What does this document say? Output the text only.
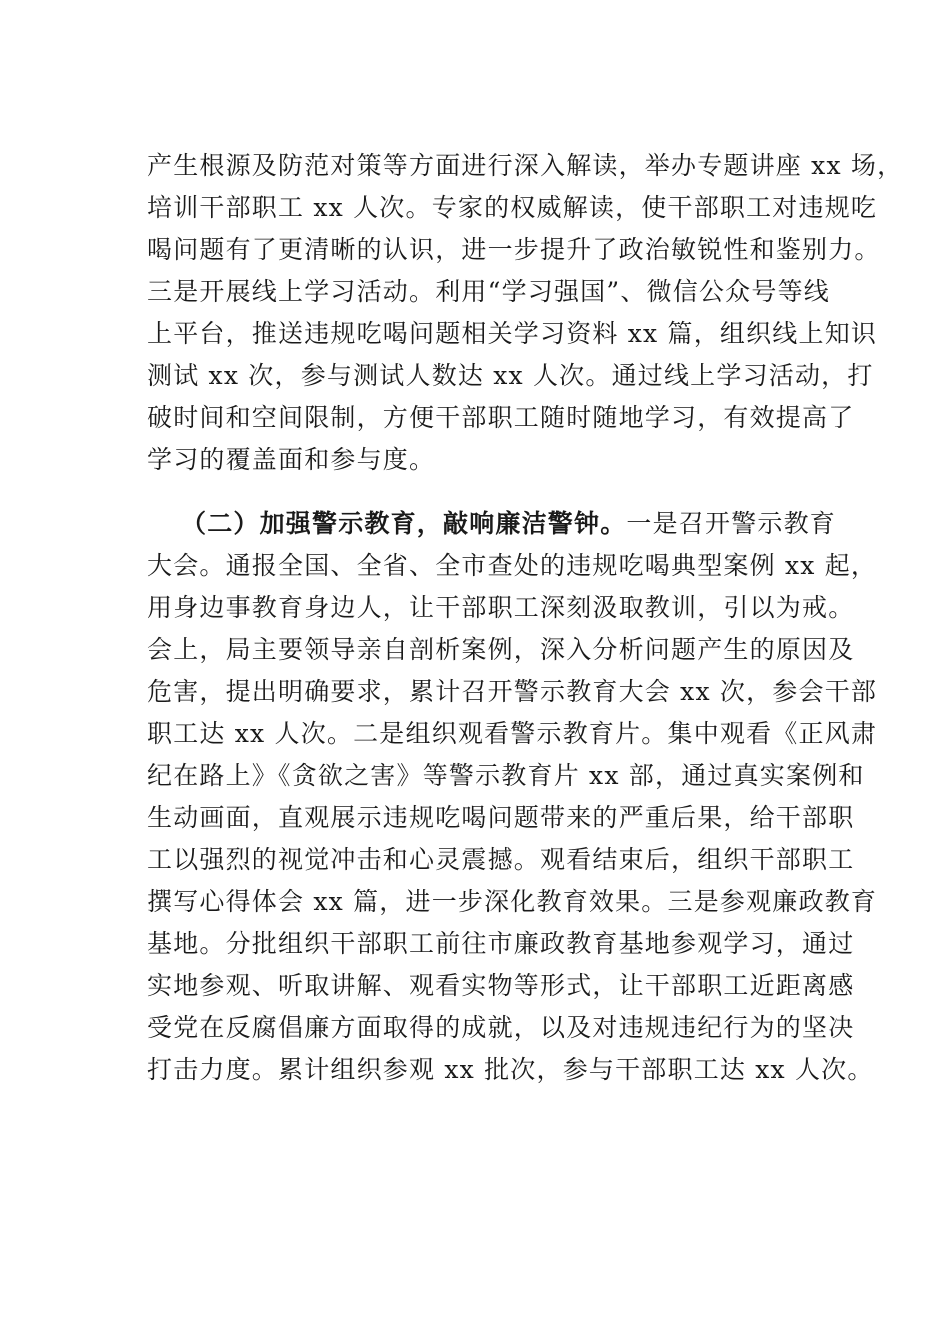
产生根源及防范对策等方面进行深入解读，举办专题讲座 xx 场，
培训干部职工 xx 人次。专家的权威解读，使干部职工对违规吃
喝问题有了更清晰的认识，进一步提升了政治敏锐性和鉴别力。
三是开展线上学习活动。利用“学习强国”、微信公众号等线
上平台，推送违规吃喝问题相关学习资料 xx 篇，组织线上知识
测试 xx 次，参与测试人数达 xx 人次。通过线上学习活动，打
破时间和空间限制，方便干部职工随时随地学习，有效提高了
学习的覆盖面和参与度。
（二）加强警示教育，敲响廉洁警钟。一是召开警示教育
大会。通报全国、全省、全市查处的违规吃喝典型案例 xx 起，
用身边事教育身边人，让干部职工深刻汲取教训，引以为戒。
会上，局主要领导亲自剖析案例，深入分析问题产生的原因及
危害，提出明确要求，累计召开警示教育大会 xx 次，参会干部
职工达 xx 人次。二是组织观看警示教育片。集中观看《正风肃
纪在路上》《贪欲之害》等警示教育片 xx 部，通过真实案例和
生动画面，直观展示违规吃喝问题带来的严重后果，给干部职
工以强烈的视觉冲击和心灵震撼。观看结束后，组织干部职工
撰写心得体会 xx 篇，进一步深化教育效果。三是参观廉政教育
基地。分批组织干部职工前往市廉政教育基地参观学习，通过
实地参观、听取讲解、观看实物等形式，让干部职工近距离感
受党在反腐倡廉方面取得的成就，以及对违规违纪行为的坚决
打击力度。累计组织参观 xx 批次，参与干部职工达 xx 人次。
